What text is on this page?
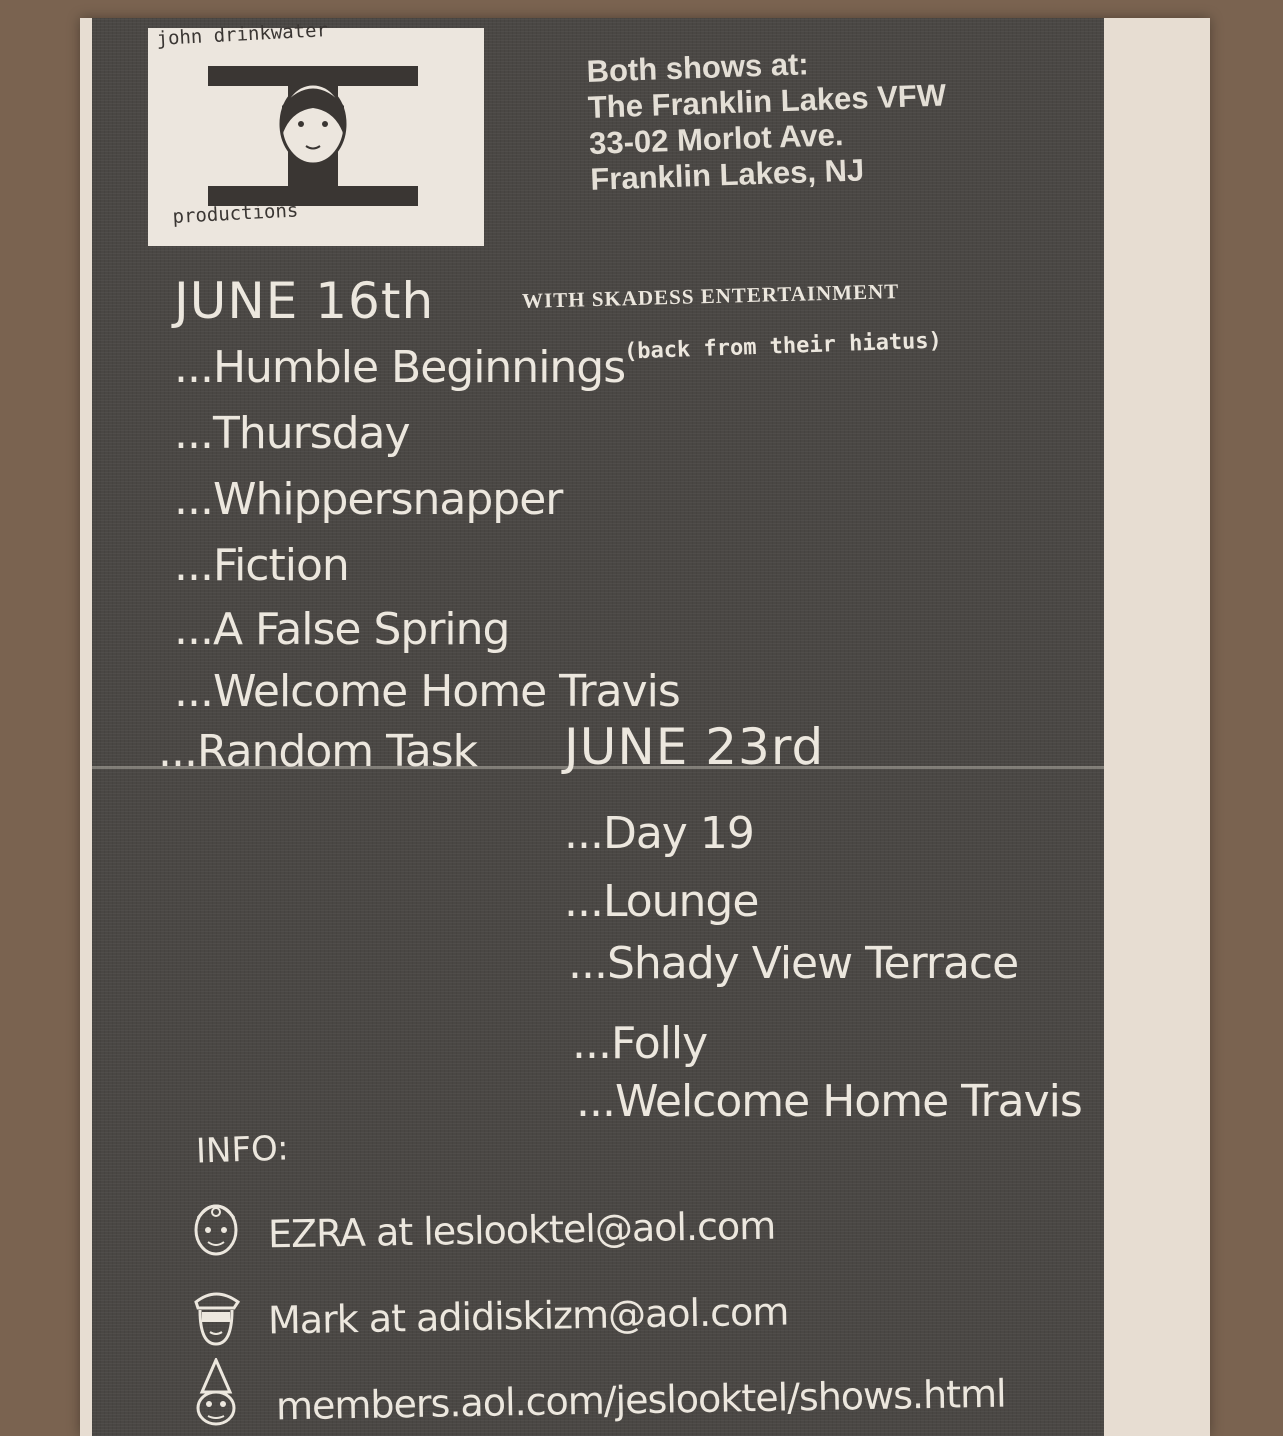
john drinkwater
productions
Both shows at:
The Franklin Lakes VFW
33-02 Morlot Ave.
Franklin Lakes, NJ
JUNE 16th	WITH SKADESS ENTERTAINMENT
...Humble Beginnings
(back from their hiatus)
...Thursday
...Whippersnapper
...Fiction
...A False Spring
...Welcome Home Travis
...Random Task JUNE 23rd
...Day 19
...Lounge
...Shady View Terrace
...Folly
...Welcome Home Travis
INFO:
EZRA at leslooktel@aol.com
Mark at adidiskizm@aol.com
members.aol.com/jeslooktel/shows.html
